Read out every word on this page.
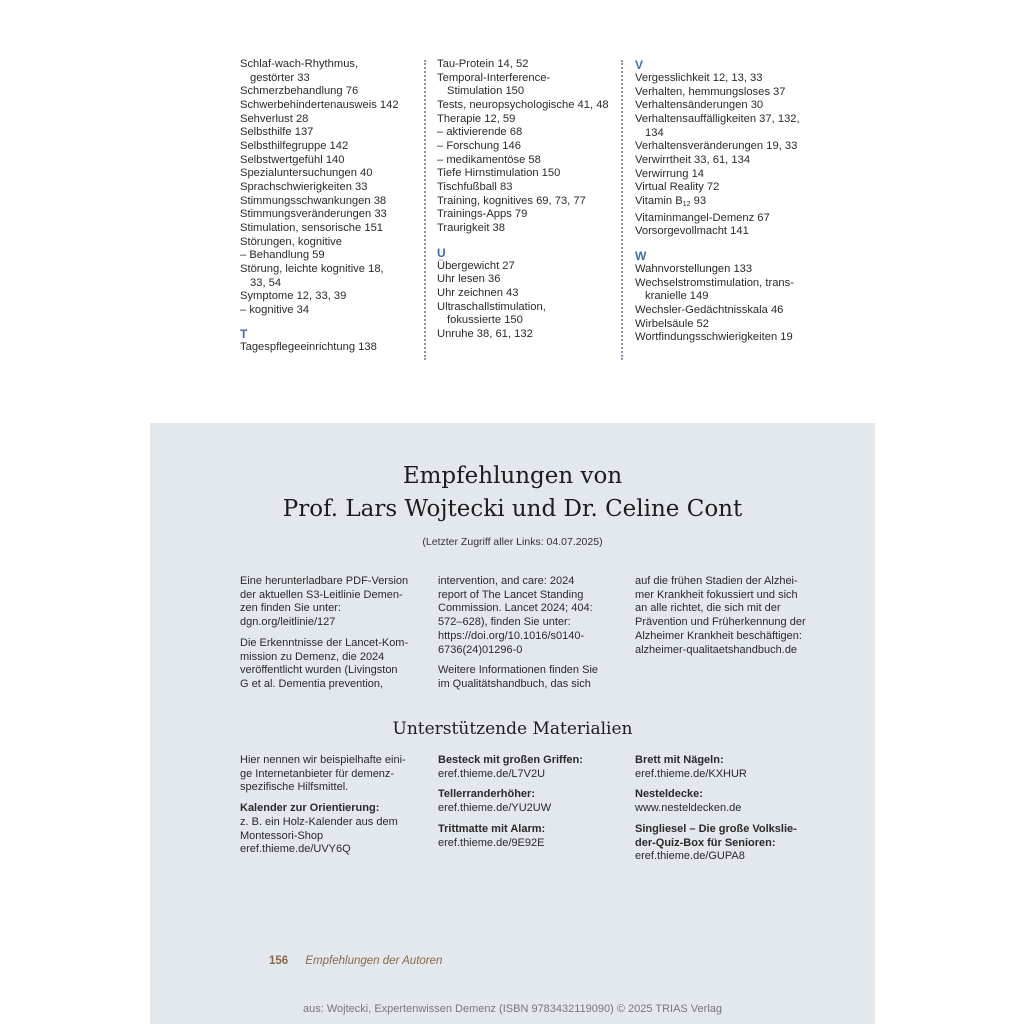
Schlaf-wach-Rhythmus,
gestörter 33
Schmerzbehandlung 76
Schwerbehindertenausweis 142
Sehverlust 28
Selbsthilfe 137
Selbsthilfegruppe 142
Selbstwertgefühl 140
Spezialuntersuchungen 40
Sprachschwierigkeiten 33
Stimmungsschwankungen 38
Stimmungsveränderungen 33
Stimulation, sensorische 151
Störungen, kognitive
– Behandlung 59
Störung, leichte kognitive 18,
33, 54
Symptome 12, 33, 39
– kognitive 34
T
Tagespflegeeinrichtung 138
Tau-Protein 14, 52
Temporal-Interference-
Stimulation 150
Tests, neuropsychologische 41, 48
Therapie 12, 59
– aktivierende 68
– Forschung 146
– medikamentöse 58
Tiefe Hirnstimulation 150
Tischfußball 83
Training, kognitives 69, 73, 77
Trainings-Apps 79
Traurigkeit 38
U
Übergewicht 27
Uhr lesen 36
Uhr zeichnen 43
Ultraschallstimulation,
fokussierte 150
Unruhe 38, 61, 132
V
Vergesslichkeit 12, 13, 33
Verhalten, hemmungsloses 37
Verhaltensänderungen 30
Verhaltensauffälligkeiten 37, 132,
134
Verhaltensveränderungen 19, 33
Verwirrtheit 33, 61, 134
Verwirrung 14
Virtual Reality 72
Vitamin $B_{12}$ 93
Vitaminmangel-Demenz 67
Vorsorgevollmacht 141
W
Wahnvorstellungen 133
Wechselstromstimulation, trans-
kranielle 149
Wechsler-Gedächtnisskala 46
Wirbelsäule 52
Wortfindungsschwierigkeiten 19
Empfehlungen von
Prof. Lars Wojtecki und Dr. Celine Cont
(Letzter Zugriff aller Links: 04.07.2025)

Eine herunterladbare PDF-Version
der aktuellen S3-Leitlinie Demen-
zen finden Sie unter:
dgn.org/leitlinie/127

Die Erkenntnisse der Lancet-Kom-
mission zu Demenz, die 2024
veröffentlicht wurden (Livingston
G et al. Dementia prevention,

intervention, and care: 2024
report of The Lancet Standing
Commission. Lancet 2024; 404:
572–628), finden Sie unter:
https://doi.org/10.1016/s0140-
6736(24)01296-0

Weitere Informationen finden Sie
im Qualitätshandbuch, das sich

auf die frühen Stadien der Alzhei-
mer Krankheit fokussiert und sich
an alle richtet, die sich mit der
Prävention und Früherkennung der
Alzheimer Krankheit beschäftigen:
alzheimer-qualitaetshandbuch.de

Unterstützende Materialien

Hier nennen wir beispielhafte eini-
ge Internetanbieter für demenz-
spezifische Hilfsmittel.

Kalender zur Orientierung:
z. B. ein Holz-Kalender aus dem
Montessori-Shop
eref.thieme.de/UVY6Q

Besteck mit großen Griffen:
eref.thieme.de/L7V2U

Tellerranderhöher:
eref.thieme.de/YU2UW

Trittmatte mit Alarm:
eref.thieme.de/9E92E

Brett mit Nägeln:
eref.thieme.de/KXHUR

Nesteldecke:
www.nesteldecken.de

Singliesel – Die große Volkslie-
der-Quiz-Box für Senioren:
eref.thieme.de/GUPA8

156 Empfehlungen der Autoren
aus: Wojtecki, Expertenwissen Demenz (ISBN 9783432119090) © 2025 TRIAS Verlag
